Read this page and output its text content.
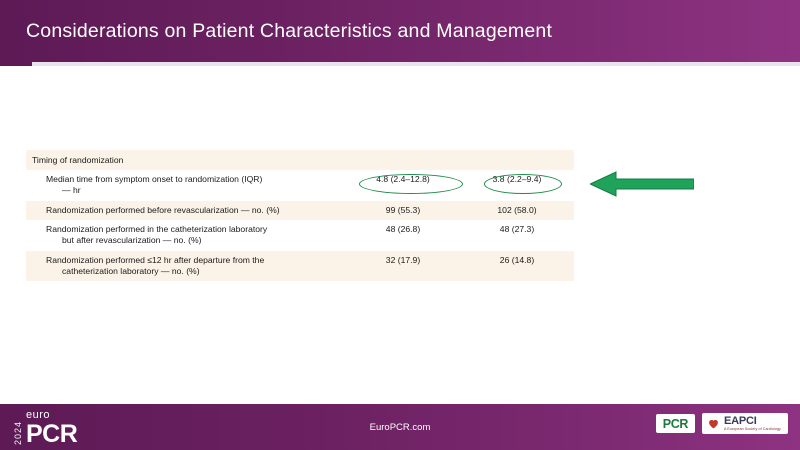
Considerations on Patient Characteristics and Management
Timing of randomization		
Median time from symptom onset to randomization (IQR)
— hr	4.8 (2.4–12.8)	3.8 (2.2–9.4)
Randomization performed before revascularization — no. (%)	99 (55.3)	102 (58.0)
Randomization performed in the catheterization laboratory
but after revascularization — no. (%)	48 (26.8)	48 (27.3)
Randomization performed ≤12 hr after departure from the
catheterization laboratory — no. (%)	32 (17.9)	26 (14.8)
2024
euro
PCR	EuroPCR.com	PCR	EAPCI
A European Society of Cardiology
